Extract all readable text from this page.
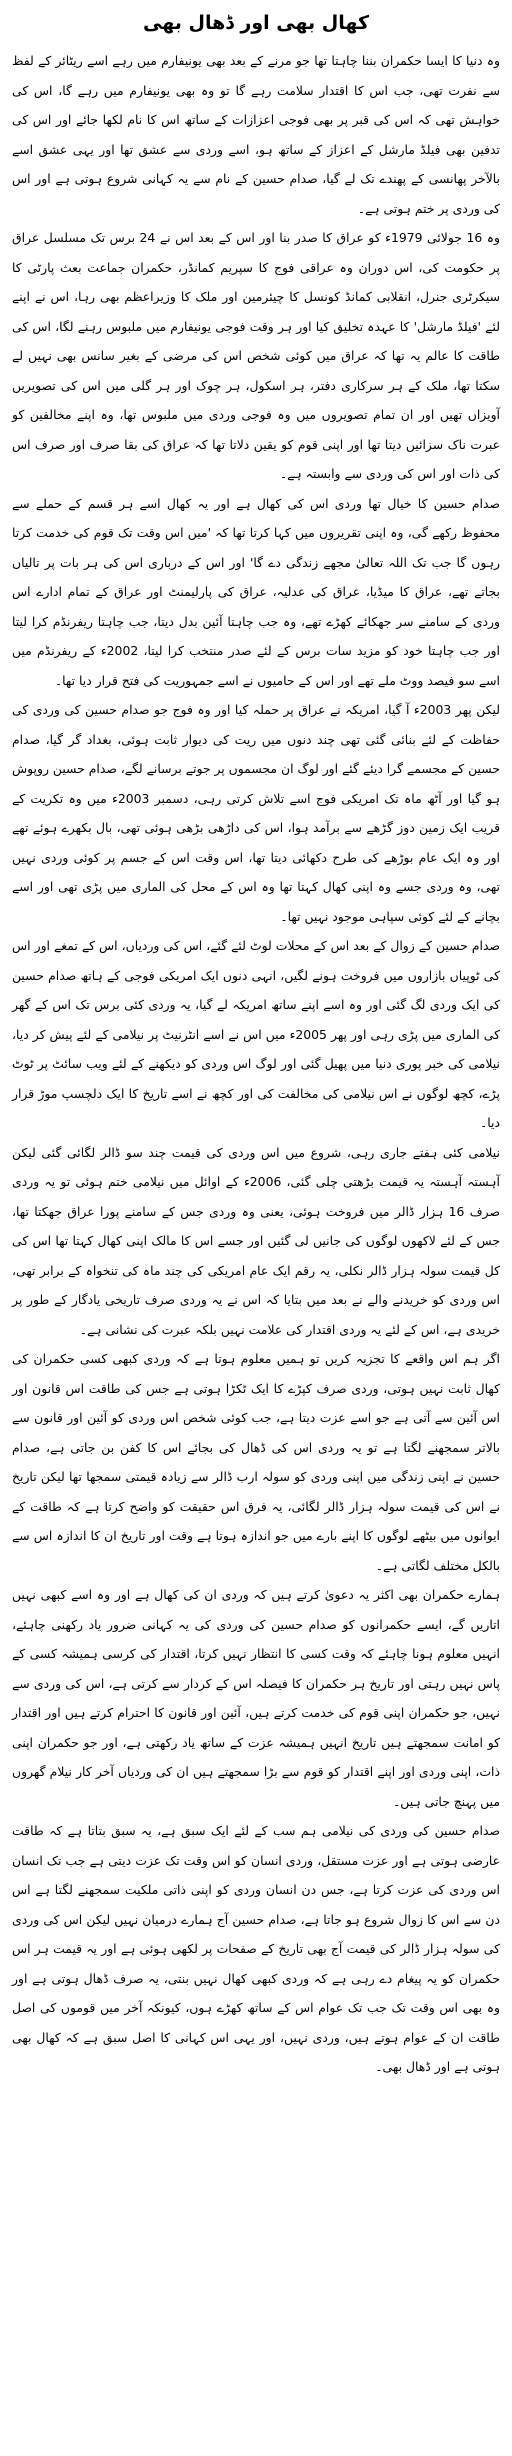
کھال بھی اور ڈھال بھی

وہ دنیا کا ایسا حکمران بننا چاہتا تھا جو مرنے کے بعد بھی یونیفارم میں رہے اسے ریٹائر کے لفظ سے نفرت تھی، جب اس کا اقتدار سلامت رہے گا تو وہ بھی یونیفارم میں رہے گا، اس کی خواہش تھی کہ اس کی قبر پر بھی فوجی اعزازات کے ساتھ اس کا نام لکھا جائے اور اس کی تدفین بھی فیلڈ مارشل کے اعزاز کے ساتھ ہو، اسے وردی سے عشق تھا اور یہی عشق اسے بالآخر پھانسی کے پھندے تک لے گیا، صدام حسین کے نام سے یہ کہانی شروع ہوتی ہے اور اس کی وردی پر ختم ہوتی ہے۔

وہ 16 جولائی 1979ء کو عراق کا صدر بنا اور اس کے بعد اس نے 24 برس تک مسلسل عراق پر حکومت کی، اس دوران وہ عراقی فوج کا سپریم کمانڈر، حکمران جماعت بعث پارٹی کا سیکرٹری جنرل، انقلابی کمانڈ کونسل کا چیئرمین اور ملک کا وزیراعظم بھی رہا، اس نے اپنے لئے 'فیلڈ مارشل' کا عہدہ تخلیق کیا اور ہر وقت فوجی یونیفارم میں ملبوس رہنے لگا، اس کی طاقت کا عالم یہ تھا کہ عراق میں کوئی شخص اس کی مرضی کے بغیر سانس بھی نہیں لے سکتا تھا، ملک کے ہر سرکاری دفتر، ہر اسکول، ہر چوک اور ہر گلی میں اس کی تصویریں آویزاں تھیں اور ان تمام تصویروں میں وہ فوجی وردی میں ملبوس تھا، وہ اپنے مخالفین کو عبرت ناک سزائیں دیتا تھا اور اپنی قوم کو یقین دلاتا تھا کہ عراق کی بقا صرف اور صرف اس کی ذات اور اس کی وردی سے وابستہ ہے۔

صدام حسین کا خیال تھا وردی اس کی کھال ہے اور یہ کھال اسے ہر قسم کے حملے سے محفوظ رکھے گی، وہ اپنی تقریروں میں کہا کرتا تھا کہ 'میں اس وقت تک قوم کی خدمت کرتا رہوں گا جب تک اللہ تعالیٰ مجھے زندگی دے گا' اور اس کے درباری اس کی ہر بات پر تالیاں بجاتے تھے، عراق کا میڈیا، عراق کی عدلیہ، عراق کی پارلیمنٹ اور عراق کے تمام ادارے اس وردی کے سامنے سر جھکائے کھڑے تھے، وہ جب چاہتا آئین بدل دیتا، جب چاہتا ریفرنڈم کرا لیتا اور جب چاہتا خود کو مزید سات برس کے لئے صدر منتخب کرا لیتا، 2002ء کے ریفرنڈم میں اسے سو فیصد ووٹ ملے تھے اور اس کے حامیوں نے اسے جمہوریت کی فتح قرار دیا تھا۔

لیکن پھر 2003ء آ گیا، امریکہ نے عراق پر حملہ کیا اور وہ فوج جو صدام حسین کی وردی کی حفاظت کے لئے بنائی گئی تھی چند دنوں میں ریت کی دیوار ثابت ہوئی، بغداد گر گیا، صدام حسین کے مجسمے گرا دیئے گئے اور لوگ ان مجسموں پر جوتے برسانے لگے، صدام حسین روپوش ہو گیا اور آٹھ ماہ تک امریکی فوج اسے تلاش کرتی رہی، دسمبر 2003ء میں وہ تکریت کے قریب ایک زمین دوز گڑھے سے برآمد ہوا، اس کی داڑھی بڑھی ہوئی تھی، بال بکھرے ہوئے تھے اور وہ ایک عام بوڑھے کی طرح دکھائی دیتا تھا، اس وقت اس کے جسم پر کوئی وردی نہیں تھی، وہ وردی جسے وہ اپنی کھال کہتا تھا وہ اس کے محل کی الماری میں پڑی تھی اور اسے بچانے کے لئے کوئی سپاہی موجود نہیں تھا۔

صدام حسین کے زوال کے بعد اس کے محلات لوٹ لئے گئے، اس کی وردیاں، اس کے تمغے اور اس کی ٹوپیاں بازاروں میں فروخت ہونے لگیں، انہی دنوں ایک امریکی فوجی کے ہاتھ صدام حسین کی ایک وردی لگ گئی اور وہ اسے اپنے ساتھ امریکہ لے گیا، یہ وردی کئی برس تک اس کے گھر کی الماری میں پڑی رہی اور پھر 2005ء میں اس نے اسے انٹرنیٹ پر نیلامی کے لئے پیش کر دیا، نیلامی کی خبر پوری دنیا میں پھیل گئی اور لوگ اس وردی کو دیکھنے کے لئے ویب سائٹ پر ٹوٹ پڑے، کچھ لوگوں نے اس نیلامی کی مخالفت کی اور کچھ نے اسے تاریخ کا ایک دلچسپ موڑ قرار دیا۔

نیلامی کئی ہفتے جاری رہی، شروع میں اس وردی کی قیمت چند سو ڈالر لگائی گئی لیکن آہستہ آہستہ یہ قیمت بڑھتی چلی گئی، 2006ء کے اوائل میں نیلامی ختم ہوئی تو یہ وردی صرف 16 ہزار ڈالر میں فروخت ہوئی، یعنی وہ وردی جس کے سامنے پورا عراق جھکتا تھا، جس کے لئے لاکھوں لوگوں کی جانیں لی گئیں اور جسے اس کا مالک اپنی کھال کہتا تھا اس کی کل قیمت سولہ ہزار ڈالر نکلی، یہ رقم ایک عام امریکی کی چند ماہ کی تنخواہ کے برابر تھی، اس وردی کو خریدنے والے نے بعد میں بتایا کہ اس نے یہ وردی صرف تاریخی یادگار کے طور پر خریدی ہے، اس کے لئے یہ وردی اقتدار کی علامت نہیں بلکہ عبرت کی نشانی ہے۔

اگر ہم اس واقعے کا تجزیہ کریں تو ہمیں معلوم ہوتا ہے کہ وردی کبھی کسی حکمران کی کھال ثابت نہیں ہوتی، وردی صرف کپڑے کا ایک ٹکڑا ہوتی ہے جس کی طاقت اس قانون اور اس آئین سے آتی ہے جو اسے عزت دیتا ہے، جب کوئی شخص اس وردی کو آئین اور قانون سے بالاتر سمجھنے لگتا ہے تو یہ وردی اس کی ڈھال کی بجائے اس کا کفن بن جاتی ہے، صدام حسین نے اپنی زندگی میں اپنی وردی کو سولہ ارب ڈالر سے زیادہ قیمتی سمجھا تھا لیکن تاریخ نے اس کی قیمت سولہ ہزار ڈالر لگائی، یہ فرق اس حقیقت کو واضح کرتا ہے کہ طاقت کے ایوانوں میں بیٹھے لوگوں کا اپنے بارے میں جو اندازہ ہوتا ہے وقت اور تاریخ ان کا اندازہ اس سے بالکل مختلف لگاتی ہے۔

ہمارے حکمران بھی اکثر یہ دعویٰ کرتے ہیں کہ وردی ان کی کھال ہے اور وہ اسے کبھی نہیں اتاریں گے، ایسے حکمرانوں کو صدام حسین کی وردی کی یہ کہانی ضرور یاد رکھنی چاہئے، انہیں معلوم ہونا چاہئے کہ وقت کسی کا انتظار نہیں کرتا، اقتدار کی کرسی ہمیشہ کسی کے پاس نہیں رہتی اور تاریخ ہر حکمران کا فیصلہ اس کے کردار سے کرتی ہے، اس کی وردی سے نہیں، جو حکمران اپنی قوم کی خدمت کرتے ہیں، آئین اور قانون کا احترام کرتے ہیں اور اقتدار کو امانت سمجھتے ہیں تاریخ انہیں ہمیشہ عزت کے ساتھ یاد رکھتی ہے، اور جو حکمران اپنی ذات، اپنی وردی اور اپنے اقتدار کو قوم سے بڑا سمجھتے ہیں ان کی وردیاں آخر کار نیلام گھروں میں پہنچ جاتی ہیں۔

صدام حسین کی وردی کی نیلامی ہم سب کے لئے ایک سبق ہے، یہ سبق بتاتا ہے کہ طاقت عارضی ہوتی ہے اور عزت مستقل، وردی انسان کو اس وقت تک عزت دیتی ہے جب تک انسان اس وردی کی عزت کرتا ہے، جس دن انسان وردی کو اپنی ذاتی ملکیت سمجھنے لگتا ہے اس دن سے اس کا زوال شروع ہو جاتا ہے، صدام حسین آج ہمارے درمیان نہیں لیکن اس کی وردی کی سولہ ہزار ڈالر کی قیمت آج بھی تاریخ کے صفحات پر لکھی ہوئی ہے اور یہ قیمت ہر اس حکمران کو یہ پیغام دے رہی ہے کہ وردی کبھی کھال نہیں بنتی، یہ صرف ڈھال ہوتی ہے اور وہ بھی اس وقت تک جب تک عوام اس کے ساتھ کھڑے ہوں، کیونکہ آخر میں قوموں کی اصل طاقت ان کے عوام ہوتے ہیں، وردی نہیں، اور یہی اس کہانی کا اصل سبق ہے کہ کھال بھی ہوتی ہے اور ڈھال بھی۔
